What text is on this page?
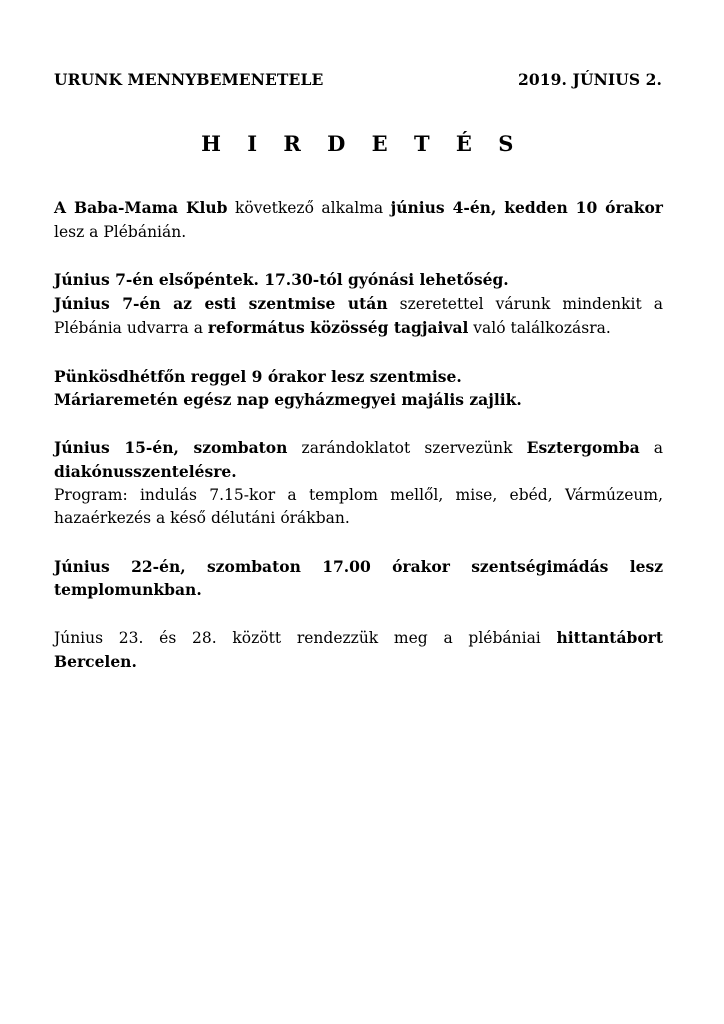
URUNK MENNYBEMENETELE	2019. JÚNIUS 2.
H I R D E T É S
A Baba-Mama Klub következő alkalma június 4-én, kedden 10 órakor
lesz a Plébánián.
Június 7-én elsőpéntek. 17.30-tól gyónási lehetőség.
Június 7-én az esti szentmise után szeretettel várunk mindenkit a
Plébánia udvarra a református közösség tagjaival való találkozásra.
Pünkösdhétfőn reggel 9 órakor lesz szentmise.
Máriaremetén egész nap egyházmegyei majális zajlik.
Június 15-én, szombaton zarándoklatot szervezünk Esztergomba a
diakónusszentelésre.
Program: indulás 7.15-kor a templom mellől, mise, ebéd, Vármúzeum,
hazaérkezés a késő délutáni órákban.
Június 22-én, szombaton 17.00 órakor szentségimádás lesz
templomunkban.
Június 23. és 28. között rendezzük meg a plébániai hittantábort
Bercelen.
